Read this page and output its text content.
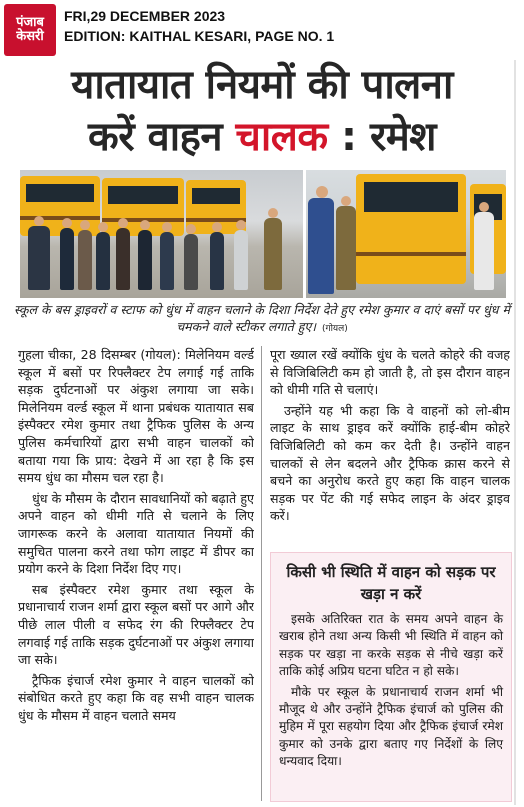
पंजाब
केसरी
FRI,29 DECEMBER 2023
EDITION: KAITHAL KESARI, PAGE NO. 1
यातायात नियमों की पालना
करें वाहन चालक : रमेश
स्कूल के बस ड्राइवरों व स्टाफ को धुंध में वाहन चलाने के दिशा निर्देश देते हुए रमेश कुमार व दाएं बसों पर धुंध में चमकने वाले स्टीकर लगाते हुए। (गोयल)

गुहला चीका, 28 दिसम्बर (गोयल): मिलेनियम वर्ल्ड स्कूल में बसों पर रिफ्लैक्टर टेप लगाई गई ताकि सड़क दुर्घटनाओं पर अंकुश लगाया जा सके। मिलेनियम वर्ल्ड स्कूल में थाना प्रबंधक यातायात सब इंस्पैक्टर रमेश कुमार तथा ट्रैफिक पुलिस के अन्य पुलिस कर्मचारियों द्वारा सभी वाहन चालकों को बताया गया कि प्राय: देखने में आ रहा है कि इस समय धुंध का मौसम चल रहा है।

धुंध के मौसम के दौरान सावधानियों को बढ़ाते हुए अपने वाहन को धीमी गति से चलाने के लिए जागरूक करने के अलावा यातायात नियमों की समुचित पालना करने तथा फोग लाइट में डीपर का प्रयोग करने के दिशा निर्देश दिए गए।

सब इंस्पैक्टर रमेश कुमार तथा स्कूल के प्रधानाचार्य राजन शर्मा द्वारा स्कूल बसों पर आगे और पीछे लाल पीली व सफेद रंग की रिफ्लैक्टर टेप लगवाई गई ताकि सड़क दुर्घटनाओं पर अंकुश लगाया जा सके।

ट्रैफिक इंचार्ज रमेश कुमार ने वाहन चालकों को संबोधित करते हुए कहा कि वह सभी वाहन चालक धुंध के मौसम में वाहन चलाते समय

पूरा ख्याल रखें क्योंकि धुंध के चलते कोहरे की वजह से विजिबिलिटी कम हो जाती है, तो इस दौरान वाहन को धीमी गति से चलाएं।

उन्होंने यह भी कहा कि वे वाहनों को लो-बीम लाइट के साथ ड्राइव करें क्योंकि हाई-बीम कोहरे विजिबिलिटी को कम कर देती है। उन्होंने वाहन चालकों से लेन बदलने और ट्रैफिक क्रास करने से बचने का अनुरोध करते हुए कहा कि वाहन चालक सड़क पर पेंट की गई सफेद लाइन के अंदर ड्राइव करें।

किसी भी स्थिति में वाहन को सड़क पर खड़ा न करें

इसके अतिरिक्त रात के समय अपने वाहन के खराब होने तथा अन्य किसी भी स्थिति में वाहन को सड़क पर खड़ा ना करके सड़क से नीचे खड़ा करें ताकि कोई अप्रिय घटना घटित न हो सके।

मौके पर स्कूल के प्रधानाचार्य राजन शर्मा भी मौजूद थे और उन्होंने ट्रैफिक इंचार्ज को पुलिस की मुहिम में पूरा सहयोग दिया और ट्रैफिक इंचार्ज रमेश कुमार को उनके द्वारा बताए गए निर्देशों के लिए धन्यवाद दिया।
